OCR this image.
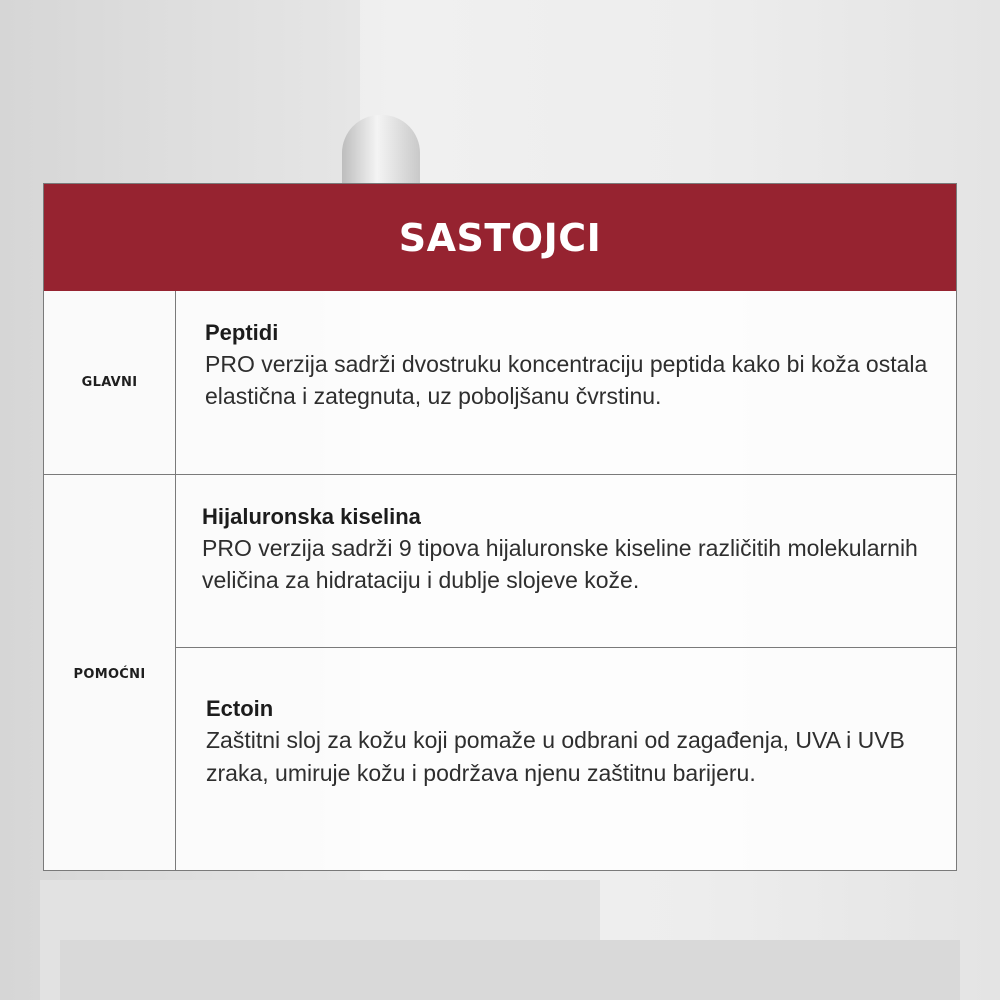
SASTOJCI
GLAVNI
POMOĆNI
Peptidi
PRO verzija sadrži dvostruku koncentraciju peptida kako bi koža ostala elastična i zategnuta, uz poboljšanu čvrstinu.
Hijaluronska kiselina
PRO verzija sadrži 9 tipova hijaluronske kiseline različitih molekularnih veličina za hidrataciju i dublje slojeve kože.
Ectoin
Zaštitni sloj za kožu koji pomaže u odbrani od zagađenja, UVA i UVB zraka, umiruje kožu i podržava njenu zaštitnu barijeru.
